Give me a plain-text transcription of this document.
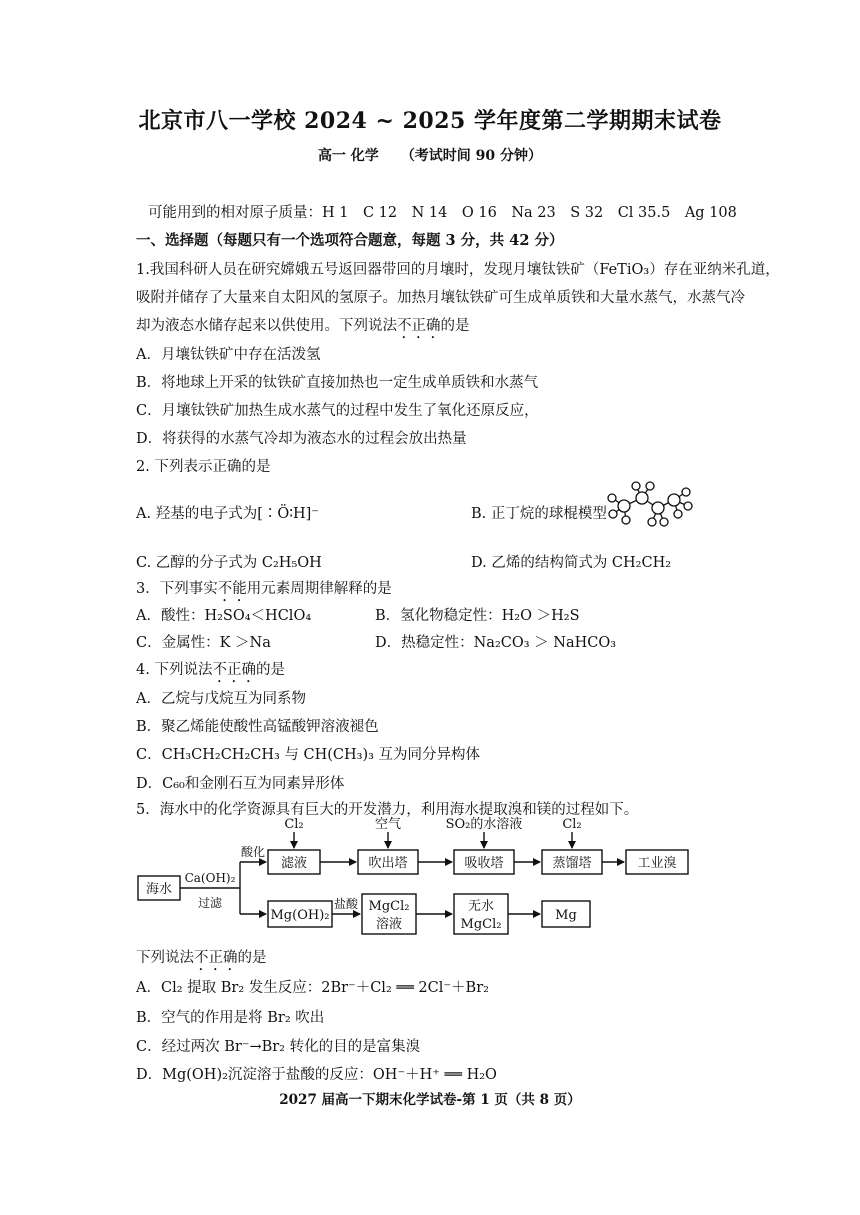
北京市八一学校 2024 ~ 2025 学年度第二学期期末试卷
高一 化学 （考试时间 90 分钟）
可能用到的相对原子质量：H 1　C 12　N 14　O 16　Na 23　S 32　Cl 35.5　Ag 108
一、选择题（每题只有一个选项符合题意，每题 3 分，共 42 分）
1.我国科研人员在研究嫦娥五号返回器带回的月壤时，发现月壤钛铁矿（FeTiO₃）存在亚纳米孔道，
吸附并储存了大量来自太阳风的氢原子。加热月壤钛铁矿可生成单质铁和大量水蒸气，水蒸气冷
却为液态水储存起来以供使用。下列说法不正确的是
A．月壤钛铁矿中存在活泼氢
B．将地球上开采的钛铁矿直接加热也一定生成单质铁和水蒸气
C．月壤钛铁矿加热生成水蒸气的过程中发生了氧化还原反应，
D．将获得的水蒸气冷却为液态水的过程会放出热量
2. 下列表示正确的是
A. 羟基的电子式为[∶Ö∶H]⁻	B. 正丁烷的球棍模型
C. 乙醇的分子式为 C₂H₅OH	D. 乙烯的结构简式为 CH₂CH₂
3．下列事实不能用元素周期律解释的是
A．酸性：H₂SO₄＜HClO₄	B．氢化物稳定性：H₂O ＞H₂S
C．金属性：K ＞Na	D．热稳定性：Na₂CO₃ ＞ NaHCO₃
4. 下列说法不正确的是
A．乙烷与戊烷互为同系物
B．聚乙烯能使酸性高锰酸钾溶液褪色
C．CH₃CH₂CH₂CH₃ 与 CH(CH₃)₃ 互为同分异构体
D．C₆₀和金刚石互为同素异形体
5．海水中的化学资源具有巨大的开发潜力，利用海水提取溴和镁的过程如下。
海水
Ca(OH)₂
过滤
酸化
滤液
Cl₂	空气	SO₂的水溶液	Cl₂
吹出塔	吸收塔	蒸馏塔	工业溴
Mg(OH)₂
盐酸 MgCl₂
溶液
无水
MgCl₂
Mg
下列说法不正确的是
A．Cl₂ 提取 Br₂ 发生反应：2Br⁻＋Cl₂ ══ 2Cl⁻＋Br₂
B．空气的作用是将 Br₂ 吹出
C．经过两次 Br⁻→Br₂ 转化的目的是富集溴
D．Mg(OH)₂沉淀溶于盐酸的反应：OH⁻＋H⁺ ══ H₂O
2027 届高一下期末化学试卷-第 1 页（共 8 页）
